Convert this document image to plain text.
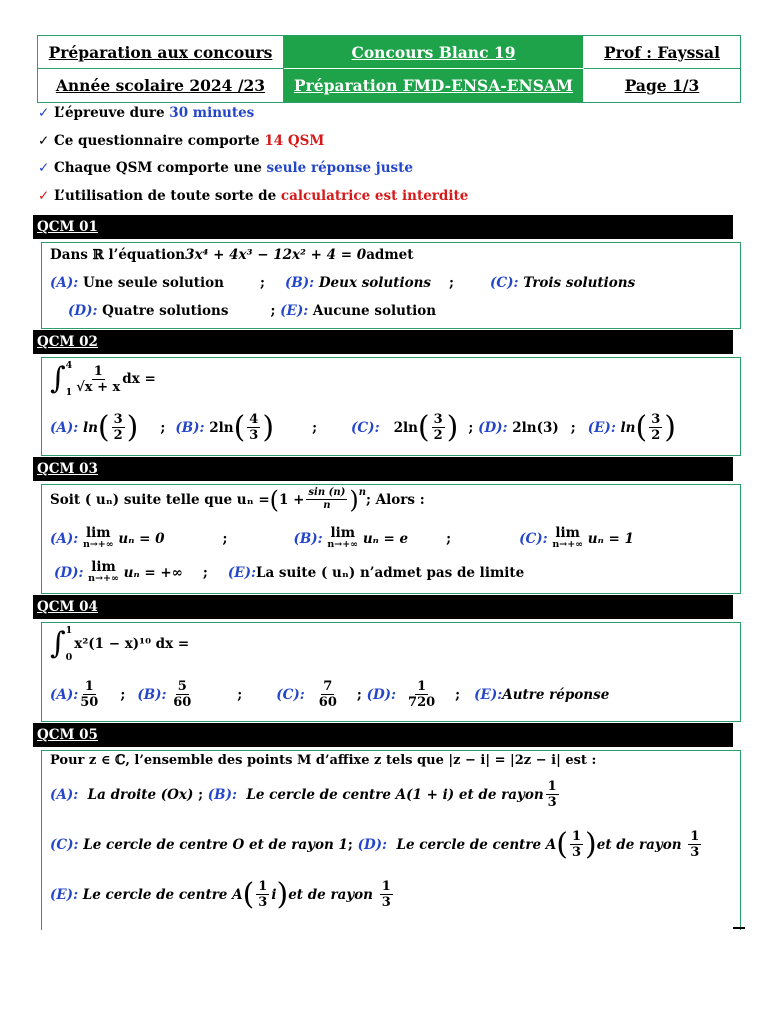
Préparation aux concours	Concours Blanc 19	Prof : Fayssal
Année scolaire 2024 /23	Préparation FMD-ENSA-ENSAM	Page 1/3
✓ L’épreuve dure
30 minutes
✓ Ce questionnaire comporte
14 QSM
✓ Chaque QSM comporte une
seule réponse juste
✓ L’utilisation de toute sorte de
calculatrice est interdite
QCM 01
Dans ℝ l’équation 3x⁴ + 4x³ − 12x² + 4 = 0 admet
(A):
Une seule solution	; (B):
Deux solutions ;	(C):
Trois solutions
(D):
Quatre solutions	;
(E):
Aucune solution
QCM 02
∫ 4
$1 \frac{1}{√x + x}$ dx =
(A):
ln ( $\frac{3}{2}$ ) ; (B):
2ln ( $\frac{4}{3}$ )	;	(C): 2ln ( $\frac{3}{2}$ ) ;
(D):
2ln(3) ; (E):
ln ( $\frac{3}{2}$ )
QCM 03
Soit ( uₙ) suite telle que uₙ = ( $1 + \frac{\sin (n)}{n} )^n$ ; Alors :
(A):
lim
n→+∞
uₙ = 0	;	(B):
lim
n→+∞
uₙ = e	;	(C):
lim
n→+∞
uₙ = 1
(D):
lim
n→+∞
uₙ = +∞ ; (E): La suite ( uₙ) n’admet pas de limite
QCM 04
∫ 1
0
x²(1 − x)¹⁰ dx =
(A): $\frac{1}{50}$ ; (B):
$\frac{5}{60}$	;	(C): $\frac{7}{60}$ ;
(D): $\frac{1}{720}$ ; (E): Autre réponse
QCM 05
Pour z ∈ ℂ, l’ensemble des points M d’affixe z tels que |z − i| = |2z − i| est :
(A):
La droite (Ox)
;
(B):
Le cercle de centre A(1 + i) et de rayon $\frac{1}{3}$
(C):
Le cercle de centre O et de rayon 1 ;
(D):
Le cercle de centre A ( $\frac{1}{3}$ ) et de rayon
$\frac{1}{3}$
(E):
Le cercle de centre A ( $\frac{1}{3}$ i ) et de rayon
$\frac{1}{3}$
